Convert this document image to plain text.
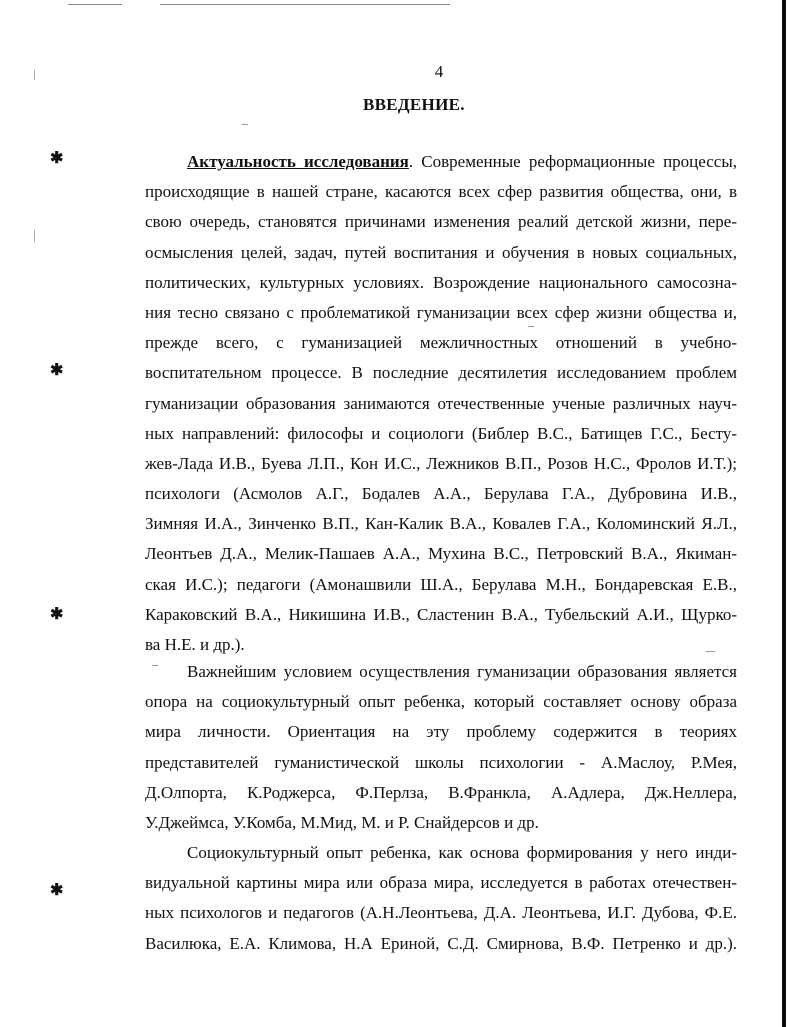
✱
✱
✱
✱
4
ВВЕДЕНИЕ.
Актуальность исследования. Современные реформационные процессы,
происходящие в нашей стране, касаются всех сфер развития общества, они, в
свою очередь, становятся причинами изменения реалий детской жизни, пере-
осмысления целей, задач, путей воспитания и обучения в новых социальных,
политических, культурных условиях. Возрождение национального самосозна-
ния тесно связано с проблематикой гуманизации всех сфер жизни общества и,
прежде всего, с гуманизацией межличностных отношений в учебно-
воспитательном процессе. В последние десятилетия исследованием проблем
гуманизации образования занимаются отечественные ученые различных науч-
ных направлений: философы и социологи (Библер В.С., Батищев Г.С., Бесту-
жев-Лада И.В., Буева Л.П., Кон И.С., Лежников В.П., Розов Н.С., Фролов И.Т.);
психологи (Асмолов А.Г., Бодалев А.А., Берулава Г.А., Дубровина И.В.,
Зимняя И.А., Зинченко В.П., Кан-Калик В.А., Ковалев Г.А., Коломинский Я.Л.,
Леонтьев Д.А., Мелик-Пашаев А.А., Мухина В.С., Петровский В.А., Якиман-
ская И.С.); педагоги (Амонашвили Ш.А., Берулава М.Н., Бондаревская Е.В.,
Караковский В.А., Никишина И.В., Сластенин В.А., Тубельский А.И., Щурко-
ва Н.Е. и др.).
Важнейшим условием осуществления гуманизации образования является
опора на социокультурный опыт ребенка, который составляет основу образа
мира личности. Ориентация на эту проблему содержится в теориях
представителей гуманистической школы психологии - А.Маслоу, Р.Мея,
Д.Олпорта, К.Роджерса, Ф.Перлза, В.Франкла, А.Адлера, Дж.Неллера,
У.Джеймса, У.Комба, М.Мид, М. и Р. Снайдерсов и др.
Социокультурный опыт ребенка, как основа формирования у него инди-
видуальной картины мира или образа мира, исследуется в работах отечествен-
ных психологов и педагогов (А.Н.Леонтьева, Д.А. Леонтьева, И.Г. Дубова, Ф.Е.
Василюка, Е.А. Климова, Н.А Ериной, С.Д. Смирнова, В.Ф. Петренко и др.).
